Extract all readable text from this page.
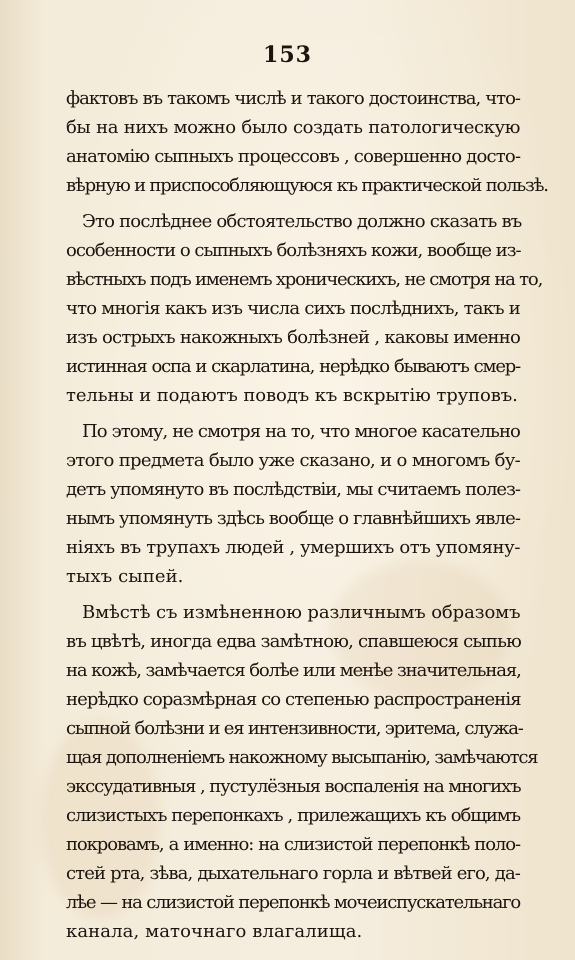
153
фактовъ въ такомъ числѣ и такого достоинства, что-
бы на нихъ можно было создать патологическую
анатомію сыпныхъ процессовъ , совершенно досто-
вѣрную и приспособляющуюся къ практической пользѣ.
Это послѣднее обстоятельство должно сказать въ
особенности о сыпныхъ болѣзняхъ кожи, вообще из-
вѣстныхъ подъ именемъ хроническихъ, не смотря на то,
что многія какъ изъ числа сихъ послѣднихъ, такъ и
изъ острыхъ накожныхъ болѣзней , каковы именно
истинная оспа и скарлатина, нерѣдко бываютъ смер-
тельны и подаютъ поводъ къ вскрытію труповъ.
По этому, не смотря на то, что многое касательно
этого предмета было уже сказано, и о многомъ бу-
детъ упомянуто въ послѣдствіи, мы считаемъ полез-
нымъ упомянуть здѣсь вообще о главнѣйшихъ явле-
ніяхъ въ трупахъ людей , умершихъ отъ упомяну-
тыхъ сыпей.
Вмѣстѣ съ измѣненною различнымъ образомъ
въ цвѣтѣ, иногда едва замѣтною, спавшеюся сыпью
на кожѣ, замѣчается болѣе или менѣе значительная,
нерѣдко соразмѣрная со степенью распространенія
сыпной болѣзни и ея интензивности, эритема, служа-
щая дополненіемъ накожному высыпанію, замѣчаются
экссудативныя , пустулёзныя воспаленія на многихъ
слизистыхъ перепонкахъ , прилежащихъ къ общимъ
покровамъ, а именно: на слизистой перепонкѣ поло-
стей рта, зѣва, дыхательнаго горла и вѣтвей его, да-
лѣе — на слизистой перепонкѣ мочеиспускательнаго
канала, маточнаго влагалища.
